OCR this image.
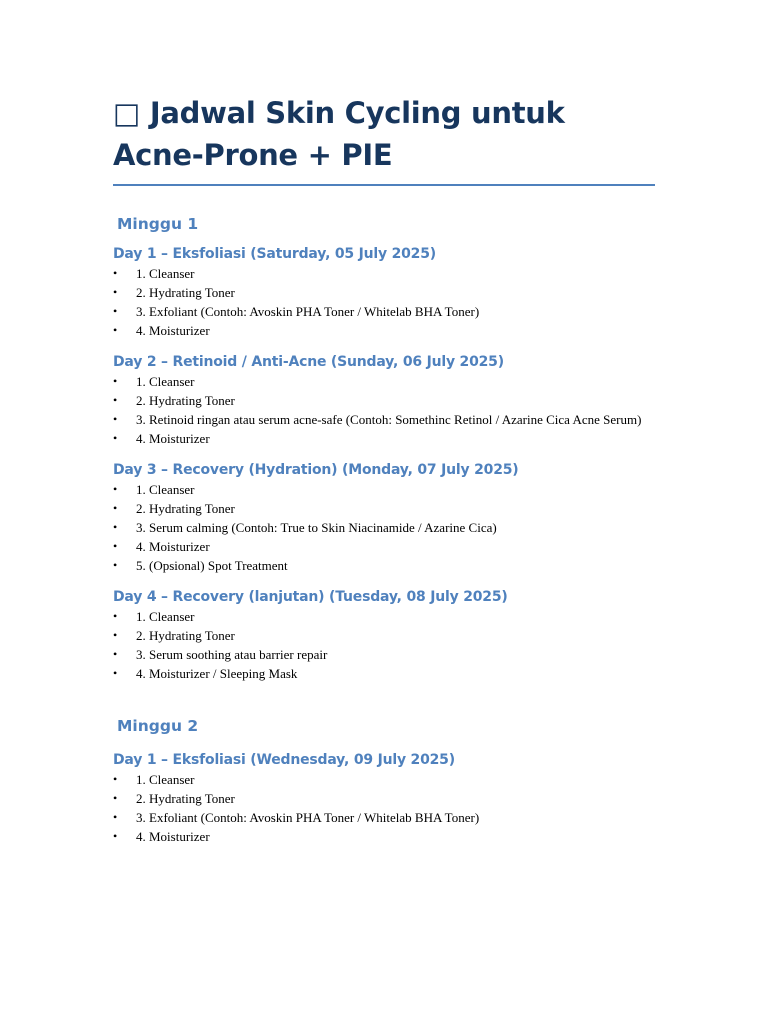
□ Jadwal Skin Cycling untuk Acne-Prone + PIE
Minggu 1
Day 1 – Eksfoliasi (Saturday, 05 July 2025)
• 1. Cleanser
• 2. Hydrating Toner
• 3. Exfoliant (Contoh: Avoskin PHA Toner / Whitelab BHA Toner)
• 4. Moisturizer
Day 2 – Retinoid / Anti-Acne (Sunday, 06 July 2025)
• 1. Cleanser
• 2. Hydrating Toner
• 3. Retinoid ringan atau serum acne-safe (Contoh: Somethinc Retinol / Azarine Cica Acne Serum)
• 4. Moisturizer
Day 3 – Recovery (Hydration) (Monday, 07 July 2025)
• 1. Cleanser
• 2. Hydrating Toner
• 3. Serum calming (Contoh: True to Skin Niacinamide / Azarine Cica)
• 4. Moisturizer
• 5. (Opsional) Spot Treatment
Day 4 – Recovery (lanjutan) (Tuesday, 08 July 2025)
• 1. Cleanser
• 2. Hydrating Toner
• 3. Serum soothing atau barrier repair
• 4. Moisturizer / Sleeping Mask
Minggu 2
Day 1 – Eksfoliasi (Wednesday, 09 July 2025)
• 1. Cleanser
• 2. Hydrating Toner
• 3. Exfoliant (Contoh: Avoskin PHA Toner / Whitelab BHA Toner)
• 4. Moisturizer
